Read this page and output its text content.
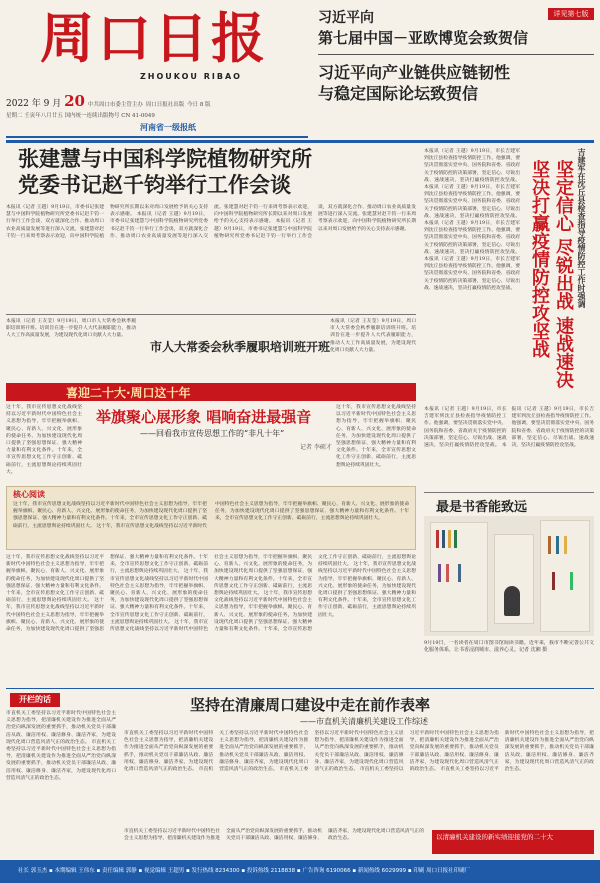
周口日报
ZHOUKOU RIBAO
2022 年 9 月 20 中共周口市委主管主办 周口日报社出版 今日 8 版
星期二 壬寅年八月廿五 国内统一连续出版物号 CN 41-0049
河南省一级报纸
习近平向
第七届中国－亚欧博览会致贺信
详见第七版
习近平向产业链供应链韧性
与稳定国际论坛致贺信
张建慧与中国科学院植物研究所
党委书记赵千钧举行工作会谈
本报讯（记者 王越）9月19日，市委书记张建慧与中国科学院植物研究所党委书记赵千钧一行举行工作会谈，双方就深化合作、推动周口农业高质量发展等进行深入交流。张建慧对赵千钧一行来周考察表示欢迎，向中国科学院植物研究所长期以来对周口发展给予的关心支持表示感谢。 本报讯（记者 王越）9月19日，市委书记张建慧与中国科学院植物研究所党委书记赵千钧一行举行工作会谈，双方就深化合作、推动周口农业高质量发展等进行深入交流。张建慧对赵千钧一行来周考察表示欢迎，向中国科学院植物研究所长期以来对周口发展给予的关心支持表示感谢。 本报讯（记者 王越）9月19日，市委书记张建慧与中国科学院植物研究所党委书记赵千钧一行举行工作会谈，双方就深化合作、推动周口农业高质量发展等进行深入交流。张建慧对赵千钧一行来周考察表示欢迎，向中国科学院植物研究所长期以来对周口发展给予的关心支持表示感谢。
本报讯（记者 王友莹）9月19日，周口市人大常委会秋季履职培训班开班。培训旨在进一步提升人大代表履职能力，推动人大工作高质量发展，为建设现代化周口贡献人大力量。
市人大常委会秋季履职培训班开班
本报讯（记者 王友莹）9月19日，周口市人大常委会秋季履职培训班开班。培训旨在进一步提升人大代表履职能力，推动人大工作高质量发展，为建设现代化周口贡献人大力量。
本报讯（记者 王越）9月19日，市长吉建军到沈丘县检查指导疫情防控工作。他强调，要坚决贯彻落实党中央、国务院和省委、省政府关于疫情防控的决策部署，坚定信心、尽锐出战、速战速决，坚决打赢疫情防控攻坚战。 本报讯（记者 王越）9月19日，市长吉建军到沈丘县检查指导疫情防控工作。他强调，要坚决贯彻落实党中央、国务院和省委、省政府关于疫情防控的决策部署，坚定信心、尽锐出战、速战速决，坚决打赢疫情防控攻坚战。 本报讯（记者 王越）9月19日，市长吉建军到沈丘县检查指导疫情防控工作。他强调，要坚决贯彻落实党中央、国务院和省委、省政府关于疫情防控的决策部署，坚定信心、尽锐出战、速战速决，坚决打赢疫情防控攻坚战。 本报讯（记者 王越）9月19日，市长吉建军到沈丘县检查指导疫情防控工作。他强调，要坚决贯彻落实党中央、国务院和省委、省政府关于疫情防控的决策部署，坚定信心、尽锐出战、速战速决，坚决打赢疫情防控攻坚战。	吉建军在沈丘县检查指导疫情防控工作时强调
坚定信心 尽锐出战 速战速决
坚决打赢疫情防控攻坚战
本报讯（记者 王越）9月19日，市长吉建军到沈丘县检查指导疫情防控工作。他强调，要坚决贯彻落实党中央、国务院和省委、省政府关于疫情防控的决策部署，坚定信心、尽锐出战、速战速决，坚决打赢疫情防控攻坚战。 本报讯（记者 王越）9月19日，市长吉建军到沈丘县检查指导疫情防控工作。他强调，要坚决贯彻落实党中央、国务院和省委、省政府关于疫情防控的决策部署，坚定信心、尽锐出战、速战速决，坚决打赢疫情防控攻坚战。
喜迎二十大·周口这十年
这十年，我市宣传思想文化战线坚持以习近平新时代中国特色社会主义思想为指导，牢牢把握举旗帜、聚民心、育新人、兴文化、展形象的使命任务，为加快建设现代化周口提供了坚强思想保证、强大精神力量和有利文化条件。十年来，全市宣传思想文化工作守正创新、砥砺前行，主流思想舆论持续巩固壮大。
举旗聚心展形象 唱响奋进最强音
——回看我市宣传思想工作的“非凡十年”
记者 李硕才
这十年，我市宣传思想文化战线坚持以习近平新时代中国特色社会主义思想为指导，牢牢把握举旗帜、聚民心、育新人、兴文化、展形象的使命任务，为加快建设现代化周口提供了坚强思想保证、强大精神力量和有利文化条件。十年来，全市宣传思想文化工作守正创新、砥砺前行，主流思想舆论持续巩固壮大。
核心阅读
这十年，我市宣传思想文化战线坚持以习近平新时代中国特色社会主义思想为指导，牢牢把握举旗帜、聚民心、育新人、兴文化、展形象的使命任务，为加快建设现代化周口提供了坚强思想保证、强大精神力量和有利文化条件。十年来，全市宣传思想文化工作守正创新、砥砺前行，主流思想舆论持续巩固壮大。 这十年，我市宣传思想文化战线坚持以习近平新时代中国特色社会主义思想为指导，牢牢把握举旗帜、聚民心、育新人、兴文化、展形象的使命任务，为加快建设现代化周口提供了坚强思想保证、强大精神力量和有利文化条件。十年来，全市宣传思想文化工作守正创新、砥砺前行，主流思想舆论持续巩固壮大。
这十年，我市宣传思想文化战线坚持以习近平新时代中国特色社会主义思想为指导，牢牢把握举旗帜、聚民心、育新人、兴文化、展形象的使命任务，为加快建设现代化周口提供了坚强思想保证、强大精神力量和有利文化条件。十年来，全市宣传思想文化工作守正创新、砥砺前行，主流思想舆论持续巩固壮大。 这十年，我市宣传思想文化战线坚持以习近平新时代中国特色社会主义思想为指导，牢牢把握举旗帜、聚民心、育新人、兴文化、展形象的使命任务，为加快建设现代化周口提供了坚强思想保证、强大精神力量和有利文化条件。十年来，全市宣传思想文化工作守正创新、砥砺前行，主流思想舆论持续巩固壮大。 这十年，我市宣传思想文化战线坚持以习近平新时代中国特色社会主义思想为指导，牢牢把握举旗帜、聚民心、育新人、兴文化、展形象的使命任务，为加快建设现代化周口提供了坚强思想保证、强大精神力量和有利文化条件。十年来，全市宣传思想文化工作守正创新、砥砺前行，主流思想舆论持续巩固壮大。 这十年，我市宣传思想文化战线坚持以习近平新时代中国特色社会主义思想为指导，牢牢把握举旗帜、聚民心、育新人、兴文化、展形象的使命任务，为加快建设现代化周口提供了坚强思想保证、强大精神力量和有利文化条件。十年来，全市宣传思想文化工作守正创新、砥砺前行，主流思想舆论持续巩固壮大。 这十年，我市宣传思想文化战线坚持以习近平新时代中国特色社会主义思想为指导，牢牢把握举旗帜、聚民心、育新人、兴文化、展形象的使命任务，为加快建设现代化周口提供了坚强思想保证、强大精神力量和有利文化条件。十年来，全市宣传思想文化工作守正创新、砥砺前行，主流思想舆论持续巩固壮大。 这十年，我市宣传思想文化战线坚持以习近平新时代中国特色社会主义思想为指导，牢牢把握举旗帜、聚民心、育新人、兴文化、展形象的使命任务，为加快建设现代化周口提供了坚强思想保证、强大精神力量和有利文化条件。十年来，全市宣传思想文化工作守正创新、砥砺前行，主流思想舆论持续巩固壮大。
最是书香能致远
9月19日，一名读者在周口市图书馆阅读书籍。近年来，我市不断完善公共文化服务体系，让书香浸润城市、滋养心灵。记者 沈湘 摄
开栏的话
市直机关工委坚持以习近平新时代中国特色社会主义思想为指导，把清廉机关建设作为推进全面从严治党向纵深发展的重要抓手，推动机关党员干部廉洁从政、廉洁用权、廉洁修身、廉洁齐家，为建设现代化周口营造风清气正的政治生态。 市直机关工委坚持以习近平新时代中国特色社会主义思想为指导，把清廉机关建设作为推进全面从严治党向纵深发展的重要抓手，推动机关党员干部廉洁从政、廉洁用权、廉洁修身、廉洁齐家，为建设现代化周口营造风清气正的政治生态。
坚持在清廉周口建设中走在前作表率
——市直机关清廉机关建设工作综述
市直机关工委坚持以习近平新时代中国特色社会主义思想为指导，把清廉机关建设作为推进全面从严治党向纵深发展的重要抓手，推动机关党员干部廉洁从政、廉洁用权、廉洁修身、廉洁齐家，为建设现代化周口营造风清气正的政治生态。 市直机关工委坚持以习近平新时代中国特色社会主义思想为指导，把清廉机关建设作为推进全面从严治党向纵深发展的重要抓手，推动机关党员干部廉洁从政、廉洁用权、廉洁修身、廉洁齐家，为建设现代化周口营造风清气正的政治生态。 市直机关工委坚持以习近平新时代中国特色社会主义思想为指导，把清廉机关建设作为推进全面从严治党向纵深发展的重要抓手，推动机关党员干部廉洁从政、廉洁用权、廉洁修身、廉洁齐家，为建设现代化周口营造风清气正的政治生态。 市直机关工委坚持以习近平新时代中国特色社会主义思想为指导，把清廉机关建设作为推进全面从严治党向纵深发展的重要抓手，推动机关党员干部廉洁从政、廉洁用权、廉洁修身、廉洁齐家，为建设现代化周口营造风清气正的政治生态。 市直机关工委坚持以习近平新时代中国特色社会主义思想为指导，把清廉机关建设作为推进全面从严治党向纵深发展的重要抓手，推动机关党员干部廉洁从政、廉洁用权、廉洁修身、廉洁齐家，为建设现代化周口营造风清气正的政治生态。
以清廉机关建设的新实绩迎接党的二十大
市直机关工委坚持以习近平新时代中国特色社会主义思想为指导，把清廉机关建设作为推进全面从严治党向纵深发展的重要抓手，推动机关党员干部廉洁从政、廉洁用权、廉洁修身、廉洁齐家，为建设现代化周口营造风清气正的政治生态。
社长 郭玉杰 ▪ 本期编辑 王伟东 ▪ 责任编辑 郭静 ▪ 视觉编辑 王超男 ▪ 发行热线 8234300 ▪ 投诉热线 2118838 ▪ 广告咨询 6190066 ▪ 新闻热线 6029999 ▪ 印刷 周口日报社印刷厂
